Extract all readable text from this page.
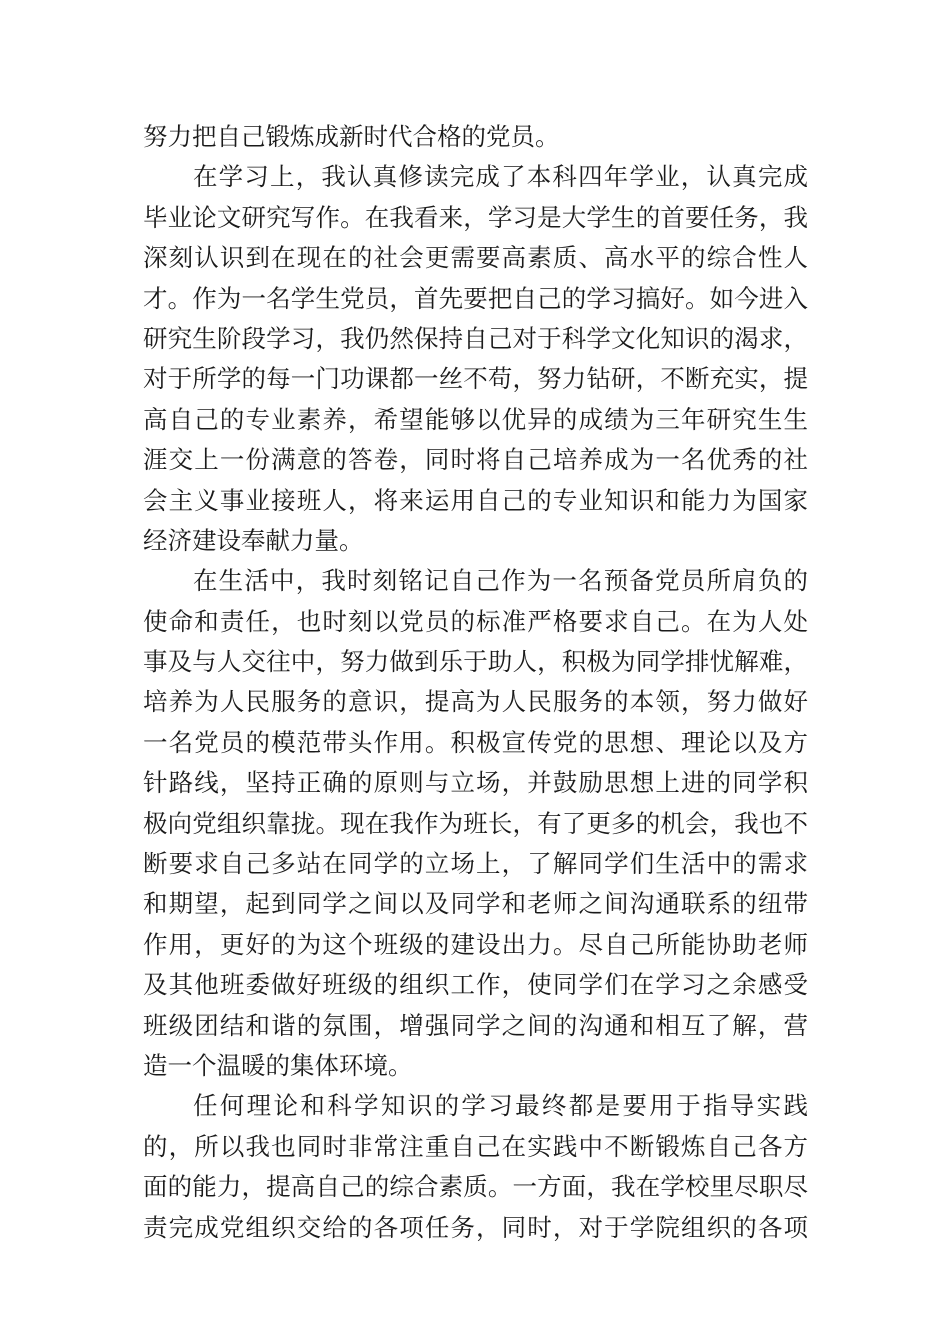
努力把自己锻炼成新时代合格的党员。
在学习上，我认真修读完成了本科四年学业，认真完成
毕业论文研究写作。在我看来，学习是大学生的首要任务，我
深刻认识到在现在的社会更需要高素质、高水平的综合性人
才。作为一名学生党员，首先要把自己的学习搞好。如今进入
研究生阶段学习，我仍然保持自己对于科学文化知识的渴求，
对于所学的每一门功课都一丝不苟，努力钻研，不断充实，提
高自己的专业素养，希望能够以优异的成绩为三年研究生生
涯交上一份满意的答卷，同时将自己培养成为一名优秀的社
会主义事业接班人，将来运用自己的专业知识和能力为国家
经济建设奉献力量。
在生活中，我时刻铭记自己作为一名预备党员所肩负的
使命和责任，也时刻以党员的标准严格要求自己。在为人处
事及与人交往中，努力做到乐于助人，积极为同学排忧解难，
培养为人民服务的意识，提高为人民服务的本领，努力做好
一名党员的模范带头作用。积极宣传党的思想、理论以及方
针路线，坚持正确的原则与立场，并鼓励思想上进的同学积
极向党组织靠拢。现在我作为班长，有了更多的机会，我也不
断要求自己多站在同学的立场上，了解同学们生活中的需求
和期望，起到同学之间以及同学和老师之间沟通联系的纽带
作用，更好的为这个班级的建设出力。尽自己所能协助老师
及其他班委做好班级的组织工作，使同学们在学习之余感受
班级团结和谐的氛围，增强同学之间的沟通和相互了解，营
造一个温暖的集体环境。
任何理论和科学知识的学习最终都是要用于指导实践
的，所以我也同时非常注重自己在实践中不断锻炼自己各方
面的能力，提高自己的综合素质。一方面，我在学校里尽职尽
责完成党组织交给的各项任务，同时，对于学院组织的各项
